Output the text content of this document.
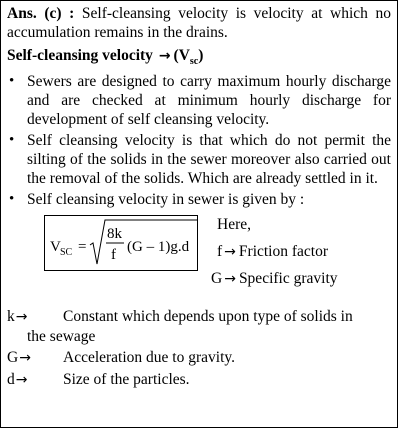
Ans. (c) : Self-cleansing velocity is velocity at which no accumulation remains in the drains.
Self-cleansing velocity → $(V_{sc})$
• Sewers are designed to carry maximum hourly discharge and are checked at minimum hourly discharge for development of self cleansing velocity.
• Self cleansing velocity is that which do not permit the silting of the solids in the sewer moreover also carried out the removal of the solids. Which are already settled in it.
• Self cleansing velocity in sewer is given by :
V SC =
8k
f (G – 1)g.d
Here,
f → Friction factor
G → Specific gravity
k→ Constant which depends upon type of solids in
the sewage
G→ Acceleration due to gravity.
d→ Size of the particles.
